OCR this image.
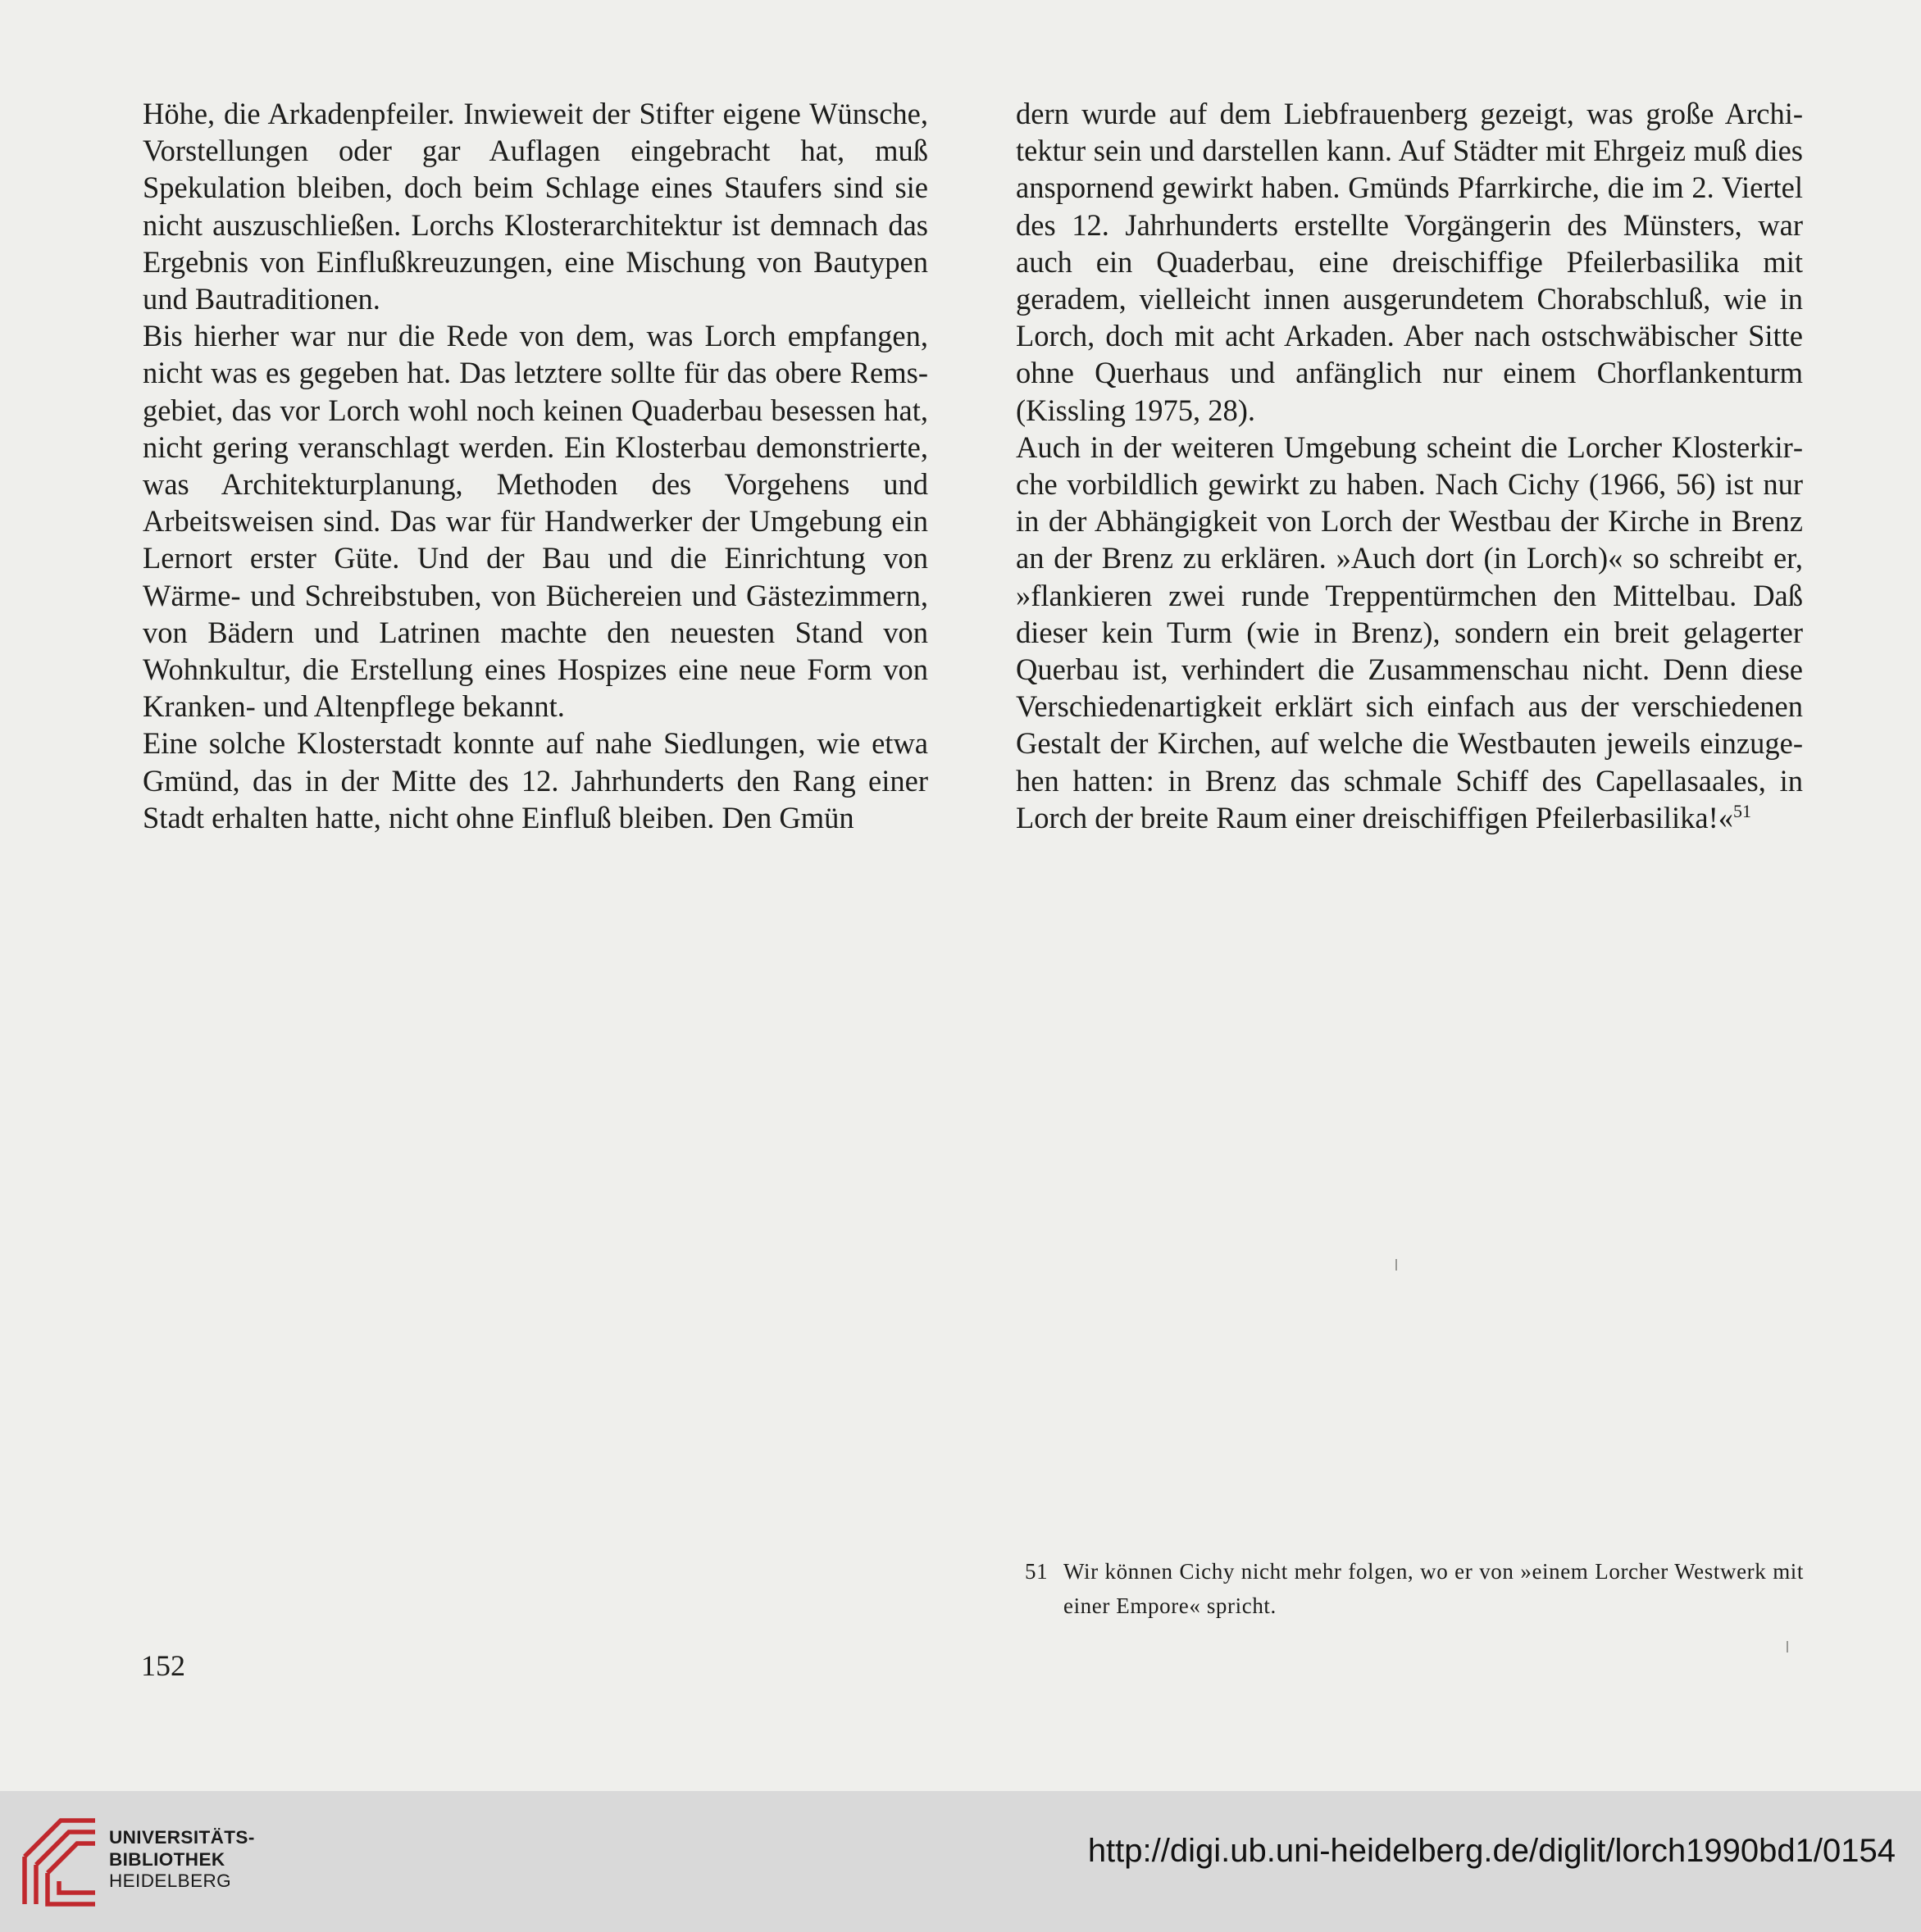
Höhe, die Arkadenpfeiler. Inwieweit der Stifter eigene Wünsche, Vorstellungen oder gar Auflagen eingebracht hat, muß Spekulation bleiben, doch beim Schlage eines Staufers sind sie nicht auszuschließen. Lorchs Klosterarchitektur ist demnach das Ergebnis von Einflußkreuzungen, eine Mischung von Bautypen und Bautraditionen.

Bis hierher war nur die Rede von dem, was Lorch empfangen, nicht was es gegeben hat. Das letztere sollte für das obere Remsgebiet, das vor Lorch wohl noch keinen Quaderbau besessen hat, nicht gering veranschlagt werden. Ein Klosterbau demonstrierte, was Architekturplanung, Methoden des Vorgehens und Arbeitsweisen sind. Das war für Handwerker der Umgebung ein Lernort erster Güte. Und der Bau und die Einrichtung von Wärme- und Schreibstuben, von Büchereien und Gästezimmern, von Bädern und Latrinen machte den neuesten Stand von Wohnkultur, die Erstellung eines Hospizes eine neue Form von Kranken- und Altenpflege bekannt.

Eine solche Klosterstadt konnte auf nahe Siedlungen, wie etwa Gmünd, das in der Mitte des 12. Jahrhunderts den Rang einer Stadt erhalten hatte, nicht ohne Einfluß bleiben. Den Gmün

dern wurde auf dem Liebfrauenberg gezeigt, was große Architektur sein und darstellen kann. Auf Städter mit Ehrgeiz muß dies anspornend gewirkt haben. Gmünds Pfarrkirche, die im 2. Viertel des 12. Jahrhunderts erstellte Vorgängerin des Münsters, war auch ein Quaderbau, eine dreischiffige Pfeilerbasilika mit geradem, vielleicht innen ausgerundetem Chorabschluß, wie in Lorch, doch mit acht Arkaden. Aber nach ostschwäbischer Sitte ohne Querhaus und anfänglich nur einem Chorflankenturm (Kissling 1975, 28).

Auch in der weiteren Umgebung scheint die Lorcher Klosterkirche vorbildlich gewirkt zu haben. Nach Cichy (1966, 56) ist nur in der Abhängigkeit von Lorch der Westbau der Kirche in Brenz an der Brenz zu erklären. »Auch dort (in Lorch)« so schreibt er, »flankieren zwei runde Treppentürmchen den Mittelbau. Daß dieser kein Turm (wie in Brenz), sondern ein breit gelagerter Querbau ist, verhindert die Zusammenschau nicht. Denn diese Verschiedenartigkeit erklärt sich einfach aus der verschiedenen Gestalt der Kirchen, auf welche die Westbauten jeweils einzugehen hatten: in Brenz das schmale Schiff des Capellasaales, in Lorch der breite Raum einer dreischiffigen Pfeilerbasilika!«$^{51}$

51 Wir können Cichy nicht mehr folgen, wo er von »einem Lorcher Westwerk mit einer Empore« spricht.
152
UNIVERSITÄTS-
BIBLIOTHEK
HEIDELBERG
http://digi.ub.uni-heidelberg.de/diglit/lorch1990bd1/0154
